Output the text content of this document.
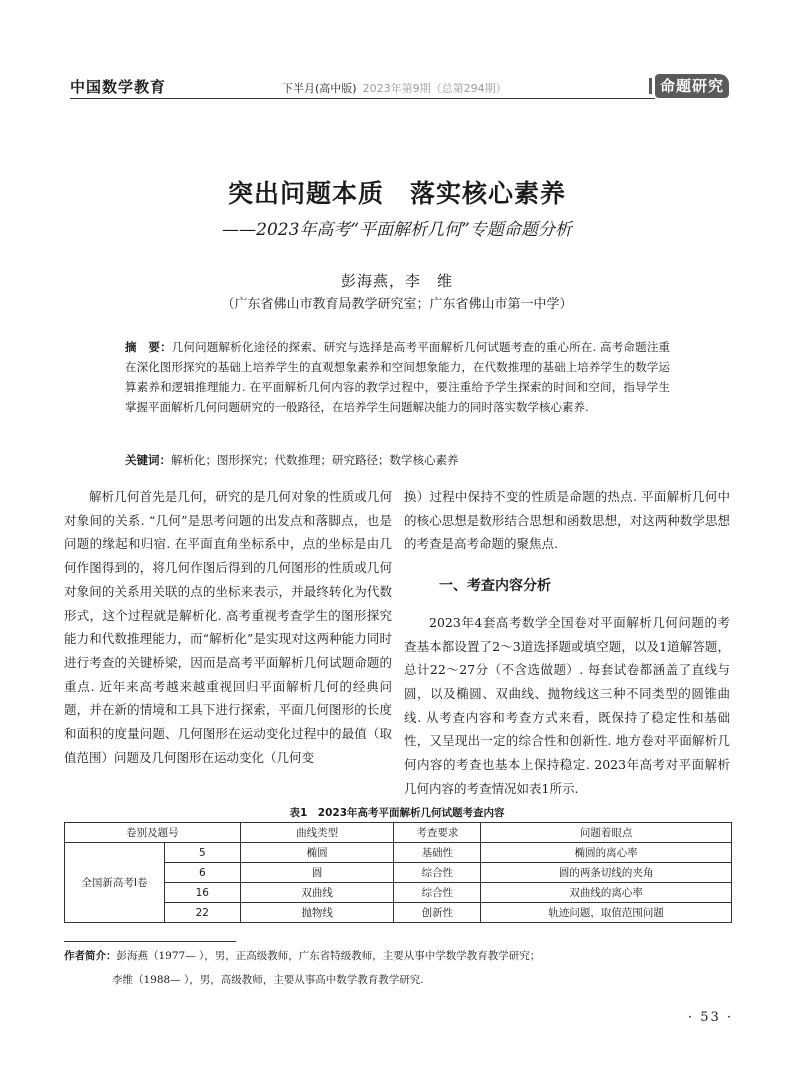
中国数学教育	下半月(高中版) 2023年第9期（总第294期）	命题研究
突出问题本质　落实核心素养
——2023年高考“平面解析几何”专题命题分析
彭海燕，李　维
（广东省佛山市教育局教学研究室；广东省佛山市第一中学）
摘　要：几何问题解析化途径的探索、研究与选择是高考平面解析几何试题考查的重心所在. 高考命题注重在深化图形探究的基础上培养学生的直观想象素养和空间想象能力，在代数推理的基础上培养学生的数学运算素养和逻辑推理能力. 在平面解析几何内容的教学过程中，要注重给予学生探索的时间和空间，指导学生掌握平面解析几何问题研究的一般路径，在培养学生问题解决能力的同时落实数学核心素养.
关键词：解析化；图形探究；代数推理；研究路径；数学核心素养
解析几何首先是几何，研究的是几何对象的性质或几何对象间的关系. “几何”是思考问题的出发点和落脚点，也是问题的缘起和归宿. 在平面直角坐标系中，点的坐标是由几何作图得到的，将几何作图后得到的几何图形的性质或几何对象间的关系用关联的点的坐标来表示，并最终转化为代数形式，这个过程就是解析化. 高考重视考查学生的图形探究能力和代数推理能力，而“解析化”是实现对这两种能力同时进行考查的关键桥梁，因而是高考平面解析几何试题命题的重点. 近年来高考越来越重视回归平面解析几何的经典问题，并在新的情境和工具下进行探索，平面几何图形的长度和面积的度量问题、几何图形在运动变化过程中的最值（取值范围）问题及几何图形在运动变化（几何变

换）过程中保持不变的性质是命题的热点. 平面解析几何中的核心思想是数形结合思想和函数思想，对这两种数学思想的考查是高考命题的聚焦点.

一、考查内容分析

2023年4套高考数学全国卷对平面解析几何问题的考查基本都设置了2～3道选择题或填空题，以及1道解答题，总计22～27分（不含选做题）. 每套试卷都涵盖了直线与圆，以及椭圆、双曲线、抛物线这三种不同类型的圆锥曲线. 从考查内容和考查方式来看，既保持了稳定性和基础性，又呈现出一定的综合性和创新性. 地方卷对平面解析几何内容的考查也基本上保持稳定. 2023年高考对平面解析几何内容的考查情况如表1所示.

表1　2023年高考平面解析几何试题考查内容
卷别及题号		曲线类型	考查要求	问题着眼点
全国新高考Ⅰ卷	5	椭圆	基础性	椭圆的离心率
	6	圆	综合性	圆的两条切线的夹角
	16	双曲线	综合性	双曲线的离心率
	22	抛物线	创新性	轨迹问题，取值范围问题
作者简介：彭海燕（1977— ），男，正高级教师，广东省特级教师，主要从事中学数学教育教学研究；
李维（1988— ），男，高级教师，主要从事高中数学教育教学研究.
· 53 ·
